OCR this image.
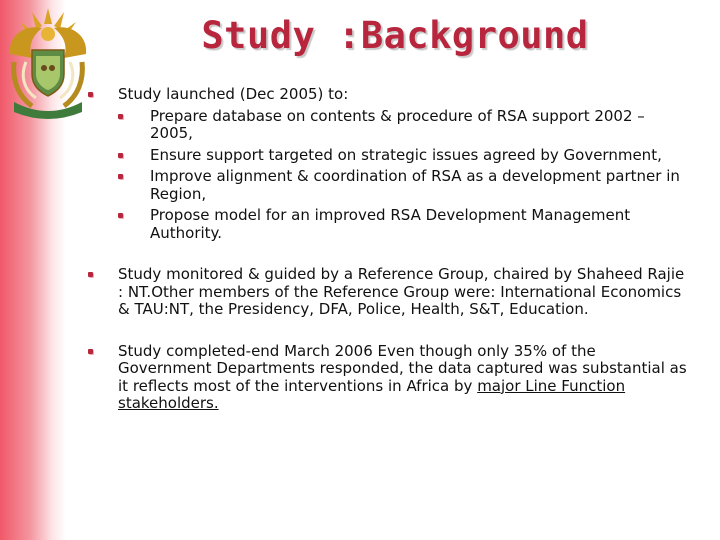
Study :Background
Study launched (Dec 2005) to:
Prepare database on contents & procedure of RSA support 2002 – 2005,
Ensure support targeted on strategic issues agreed by Government,
Improve alignment & coordination of RSA as a development partner in Region,
Propose model for an improved RSA Development Management Authority.
Study monitored & guided by a Reference Group, chaired by Shaheed Rajie : NT.Other members of the Reference Group were: International Economics & TAU:NT, the Presidency, DFA, Police, Health, S&T, Education.
Study completed-end March 2006 Even though only 35% of the Government Departments responded, the data captured was substantial as it reflects most of the interventions in Africa by major Line Function stakeholders.
